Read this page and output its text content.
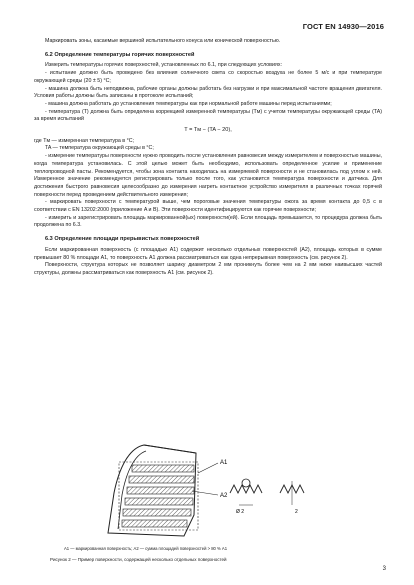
ГОСТ EN 14930—2016

Маркировать зоны, касаемые вершиной испытательного конуса или конической поверхностью.

6.2 Определение температуры горячих поверхностей

Измерить температуры горячих поверхностей, установленных по 6.1, при следующих условиях:

- испытание должно быть проведено без влияния солнечного света со скоростью воздуха не более 5 м/с и при температуре окружающей среды (20 ± 5) °С;

- машина должна быть неподвижна, рабочие органы должны работать без нагрузки и при максимальной частоте вращения двигателя. Условия работы должны быть записаны в протоколе испытаний;

- машина должна работать до установления температуры как при нормальной работе машины перед испытаниями;

- температура (T) должна быть определена коррекцией измеренной температуры (Tм) с учетом температуры окружающей среды (TA) за время испытаний

T = Tм − (TA − 20),

где Tм — измеренная температура в °С;

TA — температура окружающей среды в °С;

- измерение температуры поверхности нужно проводить после установления равновесия между измерителем и поверхностью машины, когда температура установилась. С этой целью может быть необходимо, использовать определенное усилие и применение теплопроводной пасты. Рекомендуется, чтобы зона контакта находилась на измеряемой поверхности и не становилась под углом к ней. Измеренное значение рекомендуется регистрировать только после того, как установится температура поверхности и датчика. Для достижения быстрого равновесия целесообразно до измерения нагреть контактное устройство измерителя в различных точках горячей поверхности перед проведением действительного измерения;

- маркировать поверхности с температурой выше, чем пороговые значения температуры ожога за время контакта до 0,5 с в соответствии с EN 13202:2000 (приложение A и B). Эти поверхности идентифицируются как горячие поверхности;

- измерить и зарегистрировать площадь маркированной(ых) поверхности(ей). Если площадь превышается, то процедура должна быть продолжена по 6.3.

6.3 Определение площади прерывистых поверхностей

Если маркированная поверхность (с площадью A1) содержит несколько отдельных поверхностей (A2), площадь которых в сумме превышает 80 % площади A1, то поверхность A1 должна рассматриваться как одна непрерывная поверхность (см. рисунок 2).

Поверхности, структура которых не позволяет шарику диаметром 2 мм проникнуть более чем на 2 мм ниже наивысших частей структуры, должны рассматриваться как поверхность A1 (см. рисунок 2).

A1
A2
Ø 2	2
A1 — маркированная поверхность; A2 — сумма площадей поверхностей > 80 % A1
Рисунок 2 — Пример поверхности, содержащей несколько отдельных поверхностей
3
